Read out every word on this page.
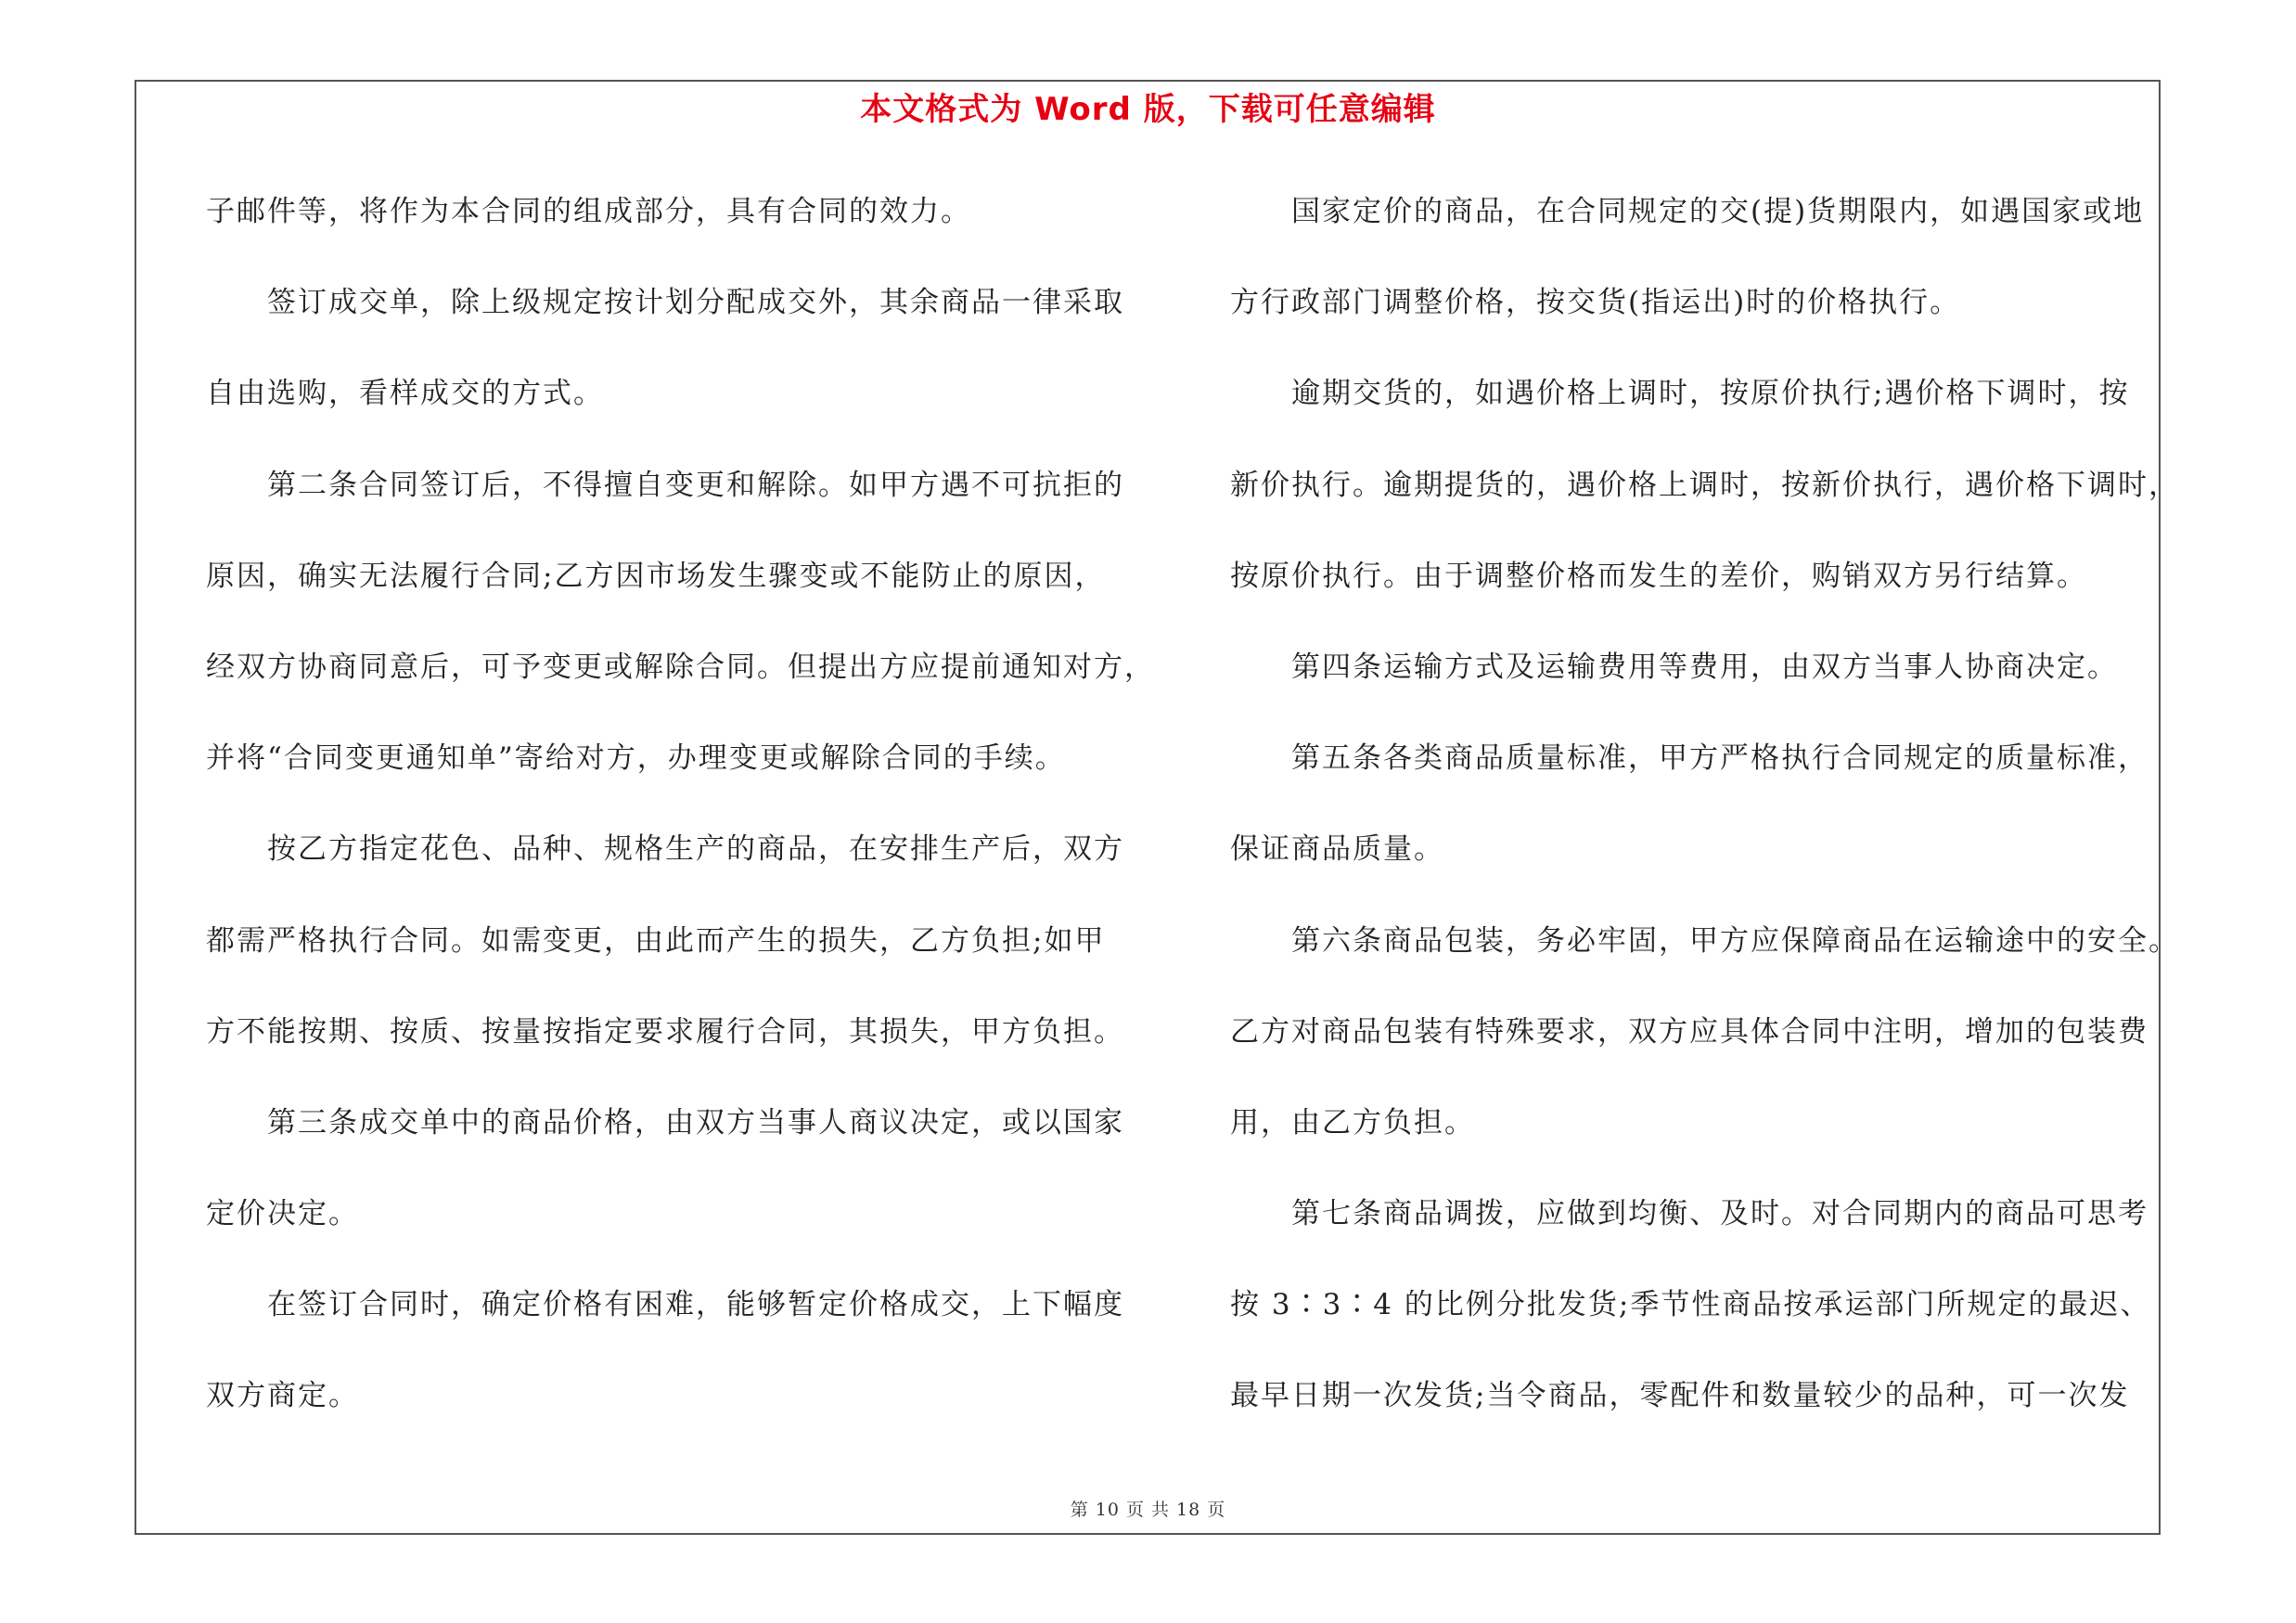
本文格式为 Word 版，下载可任意编辑
子邮件等，将作为本合同的组成部分，具有合同的效力。
签订成交单，除上级规定按计划分配成交外，其余商品一律采取
自由选购，看样成交的方式。
第二条合同签订后，不得擅自变更和解除。如甲方遇不可抗拒的
原因，确实无法履行合同;乙方因市场发生骤变或不能防止的原因，
经双方协商同意后，可予变更或解除合同。但提出方应提前通知对方，
并将“合同变更通知单”寄给对方，办理变更或解除合同的手续。
按乙方指定花色、品种、规格生产的商品，在安排生产后，双方
都需严格执行合同。如需变更，由此而产生的损失，乙方负担;如甲
方不能按期、按质、按量按指定要求履行合同，其损失，甲方负担。
第三条成交单中的商品价格，由双方当事人商议决定，或以国家
定价决定。
在签订合同时，确定价格有困难，能够暂定价格成交，上下幅度
双方商定。
国家定价的商品，在合同规定的交(提)货期限内，如遇国家或地
方行政部门调整价格，按交货(指运出)时的价格执行。
逾期交货的，如遇价格上调时，按原价执行;遇价格下调时，按
新价执行。逾期提货的，遇价格上调时，按新价执行，遇价格下调时，
按原价执行。由于调整价格而发生的差价，购销双方另行结算。
第四条运输方式及运输费用等费用，由双方当事人协商决定。
第五条各类商品质量标准，甲方严格执行合同规定的质量标准，
保证商品质量。
第六条商品包装，务必牢固，甲方应保障商品在运输途中的安全。
乙方对商品包装有特殊要求，双方应具体合同中注明，增加的包装费
用，由乙方负担。
第七条商品调拨，应做到均衡、及时。对合同期内的商品可思考
按 3∶3∶4 的比例分批发货;季节性商品按承运部门所规定的最迟、
最早日期一次发货;当令商品，零配件和数量较少的品种，可一次发
第 10 页 共 18 页
